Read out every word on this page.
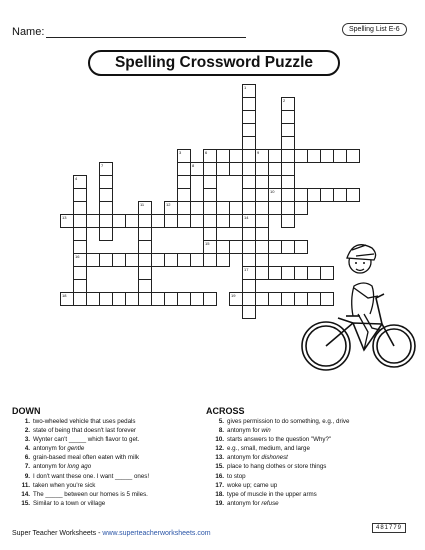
Name:	Spelling List E-6
Spelling Crossword Puzzle
1
14
2
3
4
16
6	9
15
7	8
10
11	12
13
17
18	19
DOWN	ACROSS
1. two-wheeled vehicle that uses pedals
2. state of being that doesn't last forever
3. Wynter can't _____ which flavor to get.
4. antonym for gentle
6. grain-based meal often eaten with milk
7. antonym for long ago
9. I don't want these one. I want _____ ones!
11. taken when you're sick
14. The _____ between our homes is 5 miles.
15. Similar to a town or village
5. gives permission to do something, e.g., drive
8. antonym for win
10. starts answers to the question "Why?"
12. e.g., small, medium, and large
13. antonym for dishonest
15. place to hang clothes or store things
16. to stop
17. woke up; came up
18. type of muscle in the upper arms
19. antonym for refuse
Super Teacher Worksheets - www.superteacherworksheets.com
481779
